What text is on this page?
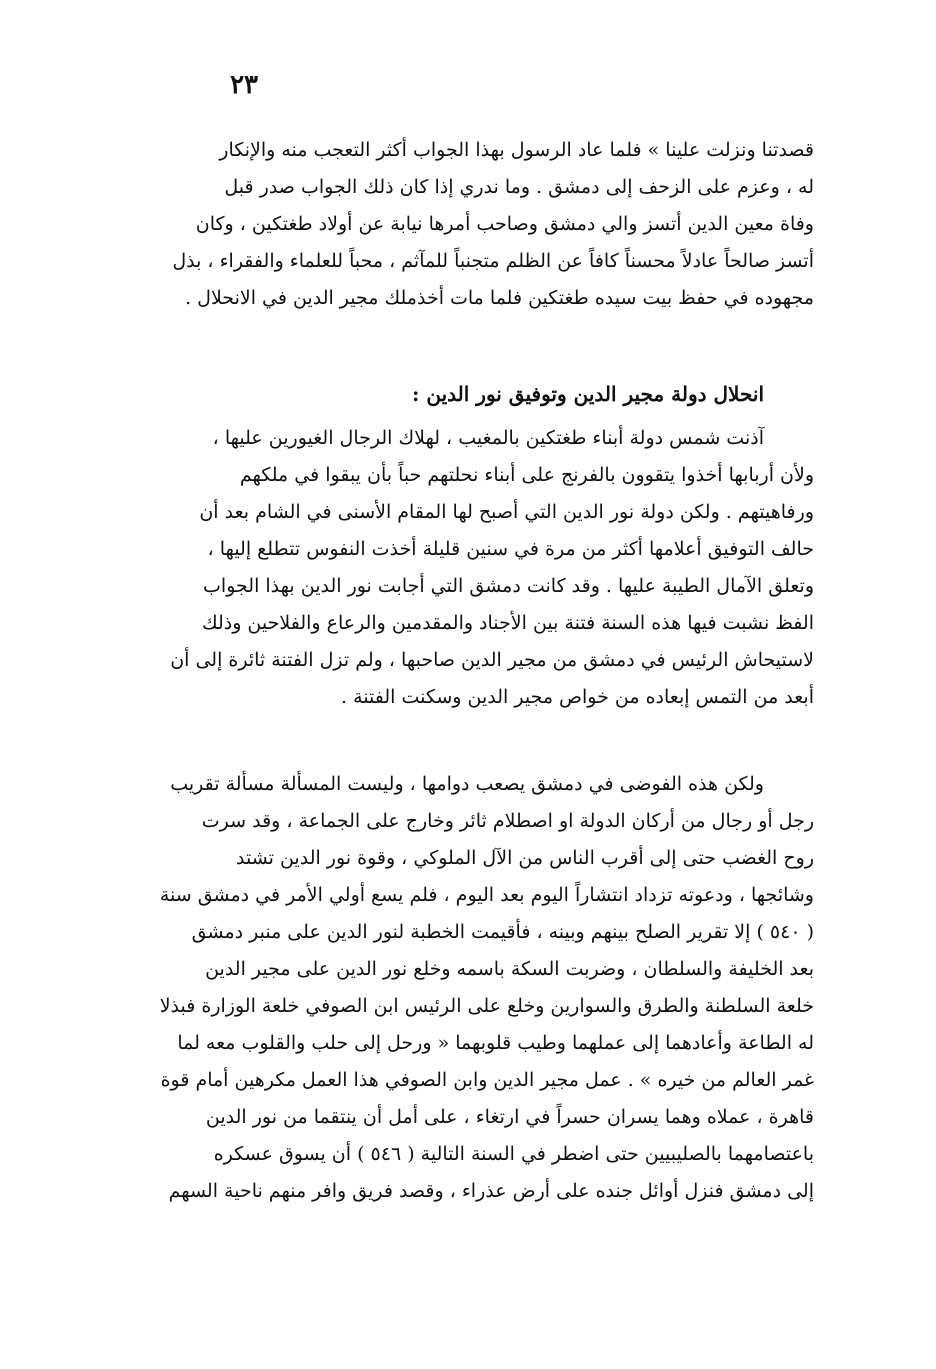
٢٣
قصدتنا ونزلت علينا » فلما عاد الرسول بهذا الجواب أكثر التعجب منه والإنكار
له ، وعزم على الزحف إلى دمشق . وما ندري إذا كان ذلك الجواب صدر قبل
وفاة معين الدين أتسز والي دمشق وصاحب أمرها نيابة عن أولاد طغتكين ، وكان
أتسز صالحاً عادلاً محسناً كافاً عن الظلم متجنباً للمآثم ، محباً للعلماء والفقراء ، بذل
مجهوده في حفظ بيت سيده طغتكين فلما مات أخذملك مجير الدين في الانحلال .
انحلال دولة مجير الدين وتوفيق نور الدين :
آذنت شمس دولة أبناء طغتكين بالمغيب ، لهلاك الرجال الغيورين عليها ،
ولأن أربابها أخذوا يتقوون بالفرنج على أبناء نحلتهم حباً بأن يبقوا في ملكهم
ورفاهيتهم . ولكن دولة نور الدين التي أصبح لها المقام الأسنى في الشام بعد أن
حالف التوفيق أعلامها أكثر من مرة في سنين قليلة أخذت النفوس تتطلع إليها ،
وتعلق الآمال الطيبة عليها . وقد كانت دمشق التي أجابت نور الدين بهذا الجواب
الفظ نشبت فيها هذه السنة فتنة بين الأجناد والمقدمين والرعاع والفلاحين وذلك
لاستيحاش الرئيس في دمشق من مجير الدين صاحبها ، ولم تزل الفتنة ثائرة إلى أن
أبعد من التمس إبعاده من خواص مجير الدين وسكنت الفتنة .
ولكن هذه الفوضى في دمشق يصعب دوامها ، وليست المسألة مسألة تقريب
رجل أو رجال من أركان الدولة او اصطلام ثائر وخارج على الجماعة ، وقد سرت
روح الغضب حتى إلى أقرب الناس من الآل الملوكي ، وقوة نور الدين تشتد
وشائجها ، ودعوته تزداد انتشاراً اليوم بعد اليوم ، فلم يسع أولي الأمر في دمشق سنة
( ٥٤٠ ) إلا تقرير الصلح بينهم وبينه ، فأقيمت الخطبة لنور الدين على منبر دمشق
بعد الخليفة والسلطان ، وضربت السكة باسمه وخلع نور الدين على مجير الدين
خلعة السلطنة والطرق والسوارين وخلع على الرئيس ابن الصوفي خلعة الوزارة فبذلا
له الطاعة وأعادهما إلى عملهما وطيب قلوبهما « ورحل إلى حلب والقلوب معه لما
غمر العالم من خيره » . عمل مجير الدين وابن الصوفي هذا العمل مكرهين أمام قوة
قاهرة ، عملاه وهما يسران حسراً في ارتغاء ، على أمل أن ينتقما من نور الدين
باعتصامهما بالصليبيين حتى اضطر في السنة التالية ( ٥٤٦ ) أن يسوق عسكره
إلى دمشق فنزل أوائل جنده على أرض عذراء ، وقصد فريق وافر منهم ناحية السهم
